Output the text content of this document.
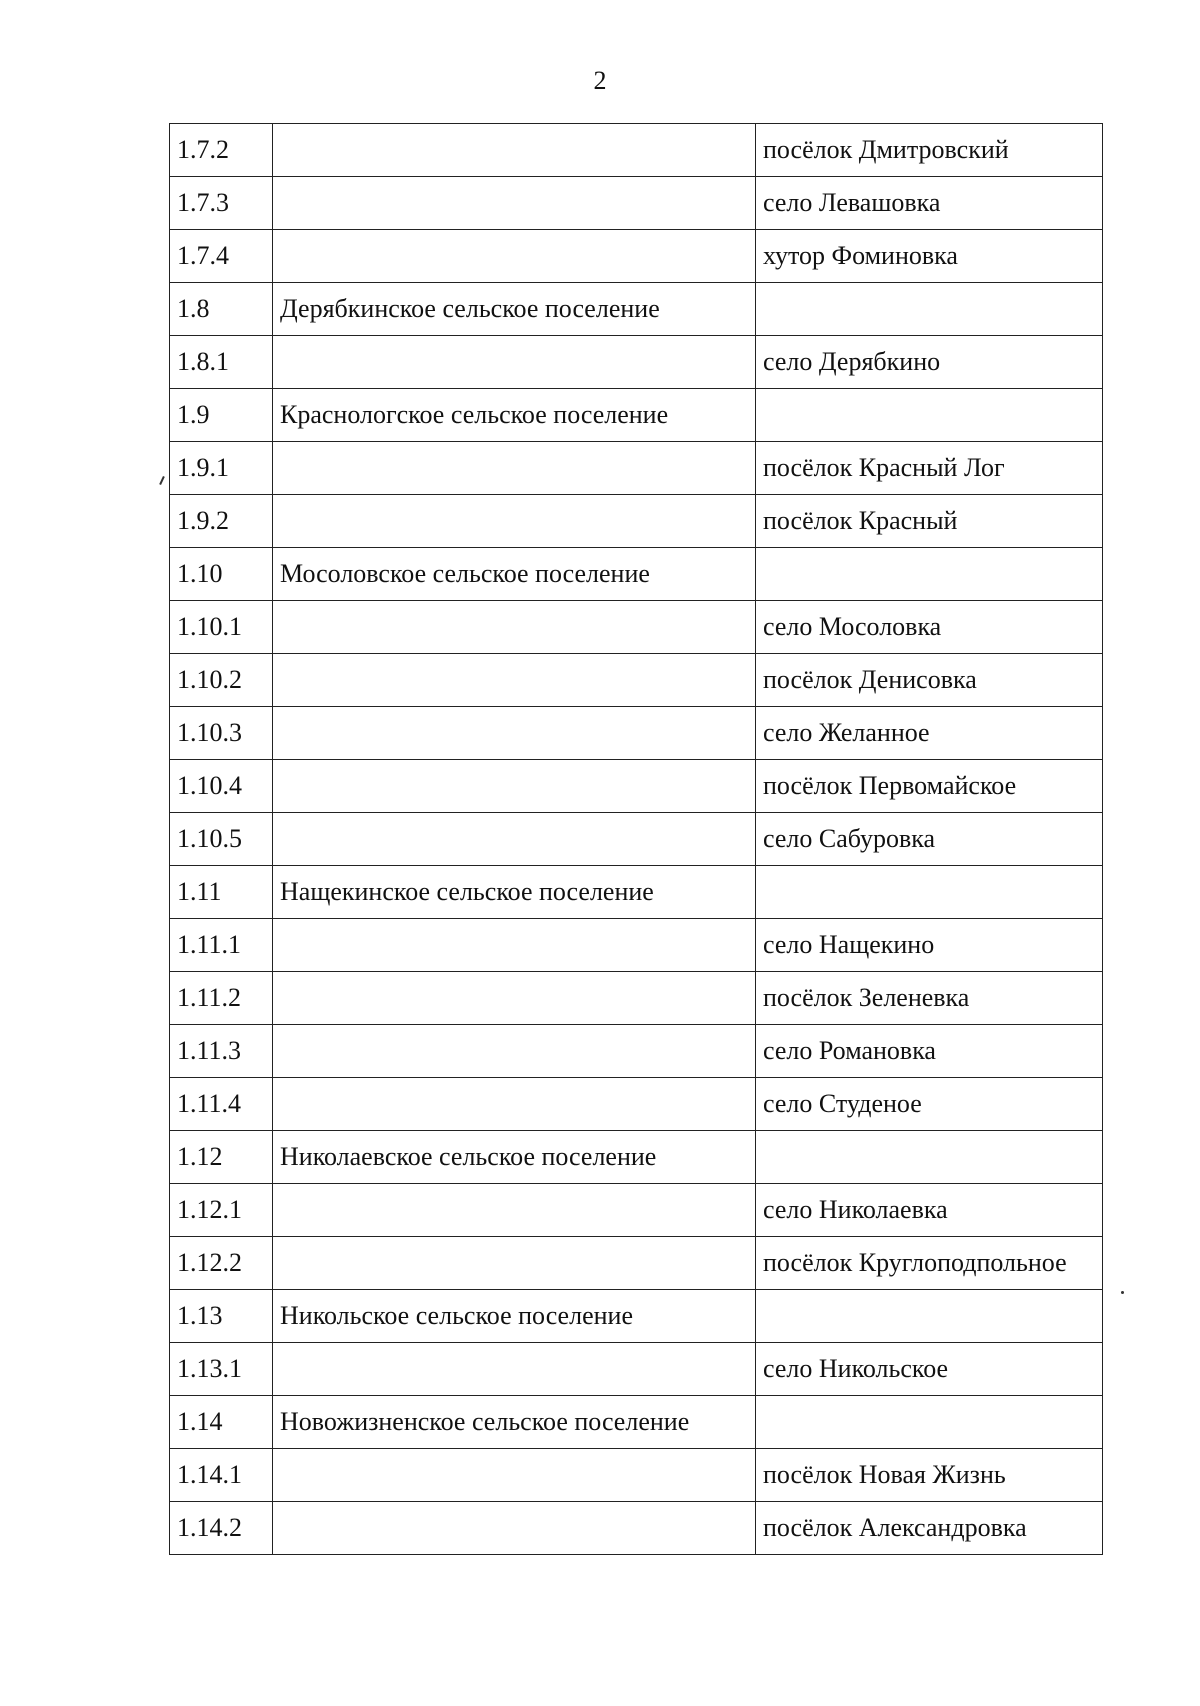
2
1.7.2		посёлок Дмитровский
1.7.3		село Левашовка
1.7.4		хутор Фоминовка
1.8	Дерябкинское сельское поселение	
1.8.1		село Дерябкино
1.9	Краснологское сельское поселение	
1.9.1		посёлок Красный Лог
1.9.2		посёлок Красный
1.10	Мосоловское сельское поселение	
1.10.1		село Мосоловка
1.10.2		посёлок Денисовка
1.10.3		село Желанное
1.10.4		посёлок Первомайское
1.10.5		село Сабуровка
1.11	Нащекинское сельское поселение	
1.11.1		село Нащекино
1.11.2		посёлок Зеленевка
1.11.3		село Романовка
1.11.4		село Студеное
1.12	Николаевское сельское поселение	
1.12.1		село Николаевка
1.12.2		посёлок Круглоподпольное
1.13	Никольское сельское поселение	
1.13.1		село Никольское
1.14	Новожизненское сельское поселение	
1.14.1		посёлок Новая Жизнь
1.14.2		посёлок Александровка
